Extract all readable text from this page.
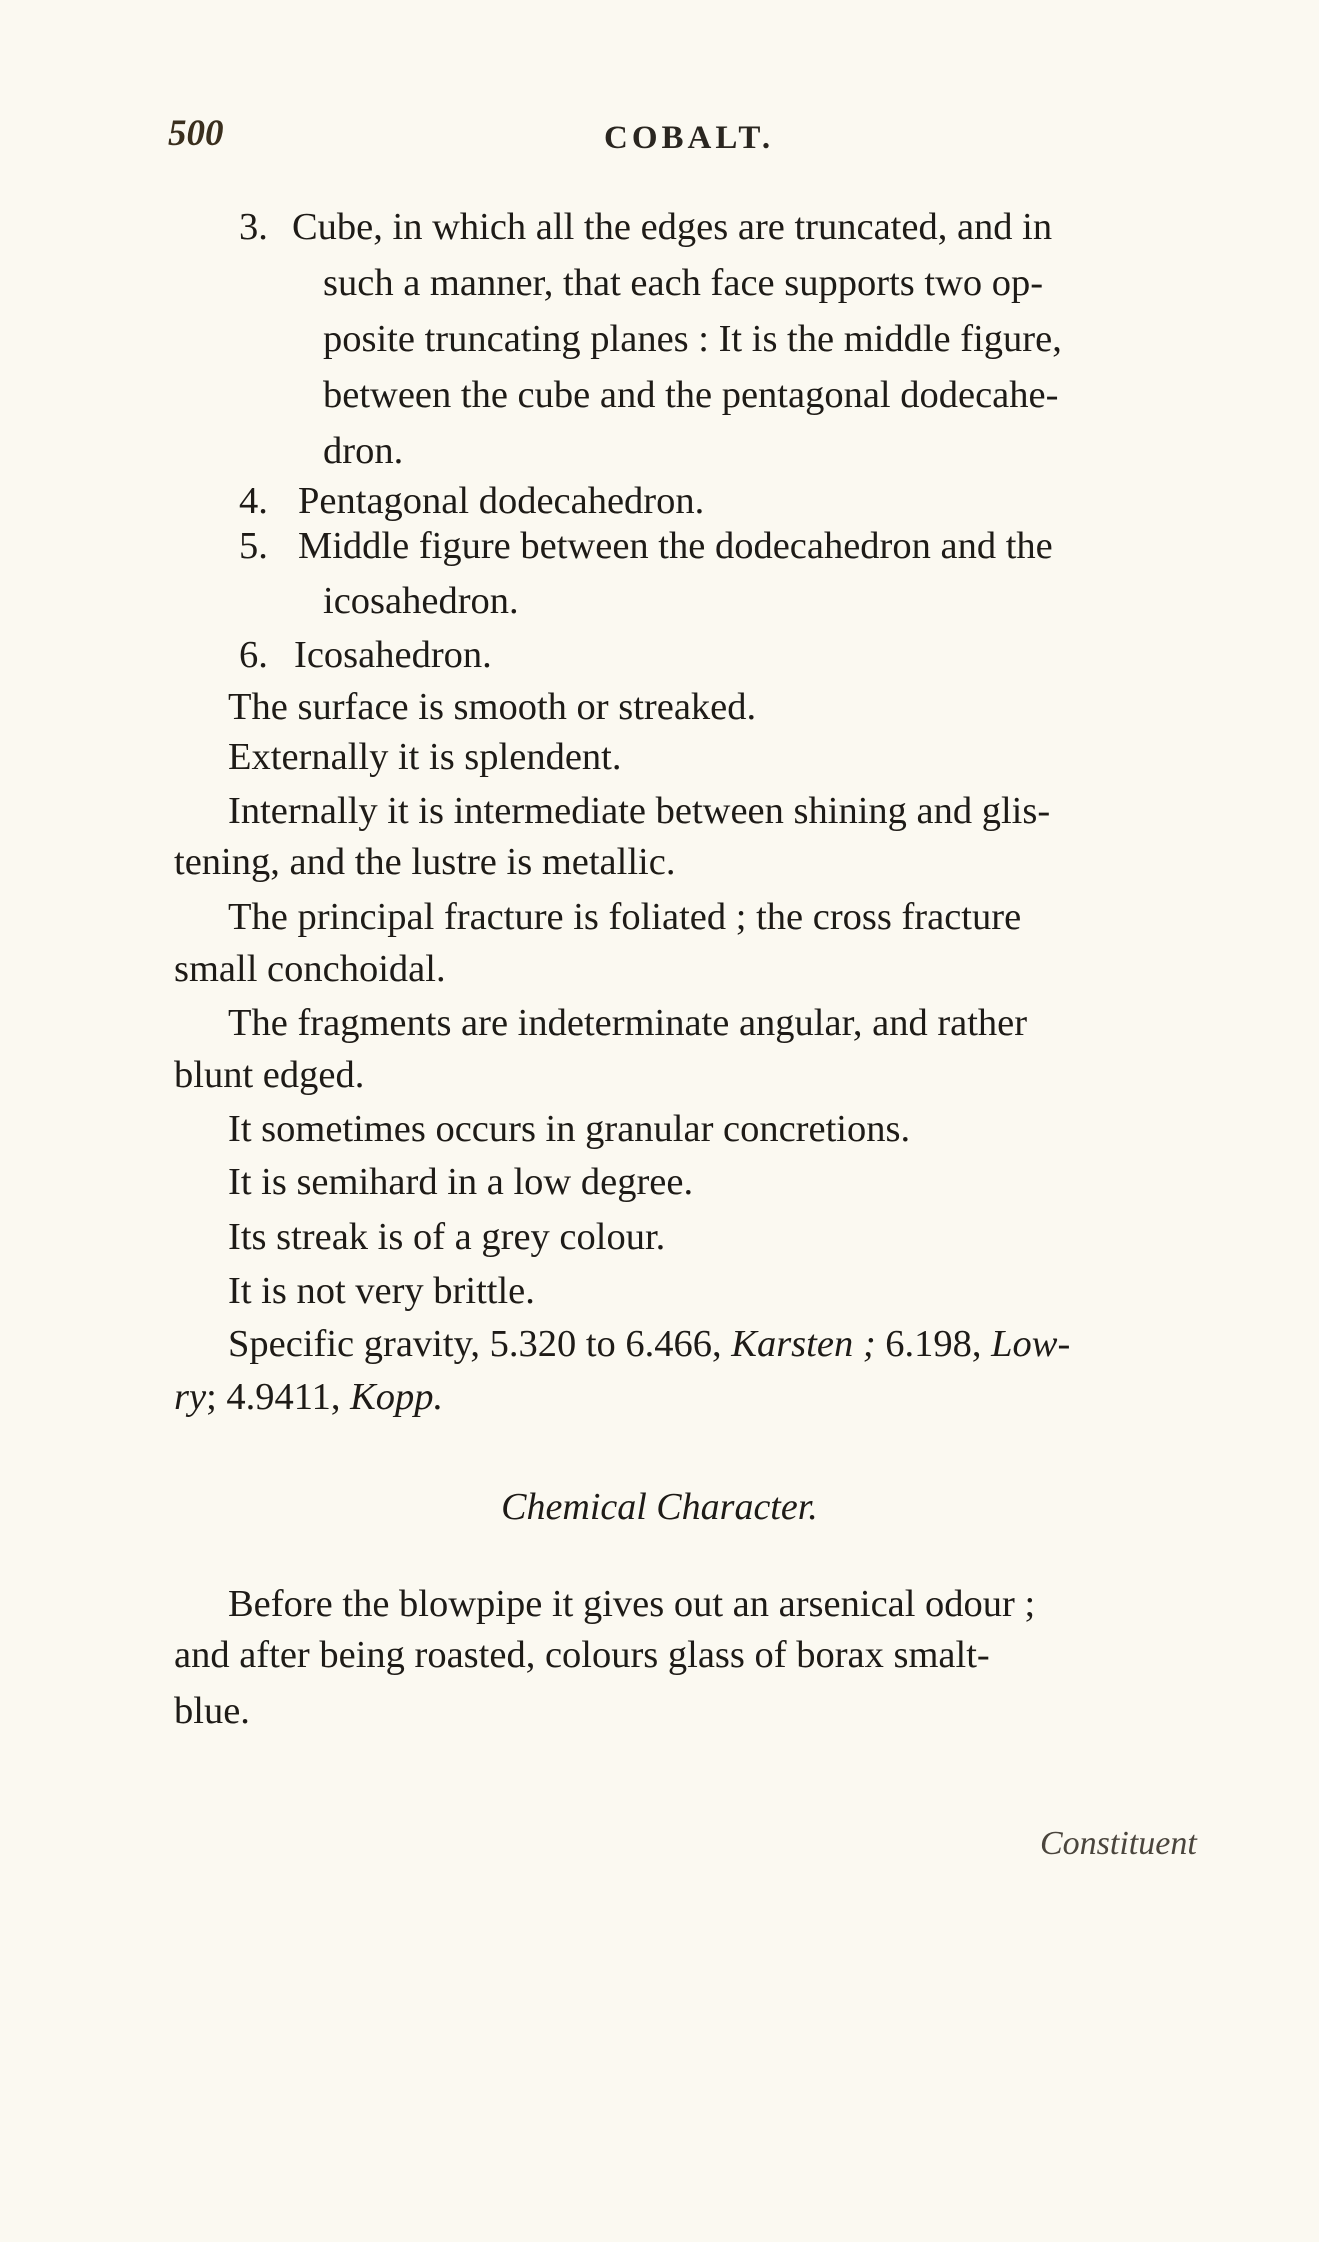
500	COBALT.
3. Cube, in which all the edges are truncated, and in
such a manner, that each face supports two op-
posite truncating planes : It is the middle figure,
between the cube and the pentagonal dodecahe-
dron.
4. Pentagonal dodecahedron.
5. Middle figure between the dodecahedron and the
icosahedron.
6. Icosahedron.
The surface is smooth or streaked.
Externally it is splendent.
Internally it is intermediate between shining and glis-
tening, and the lustre is metallic.
The principal fracture is foliated ; the cross fracture
small conchoidal.
The fragments are indeterminate angular, and rather
blunt edged.
It sometimes occurs in granular concretions.
It is semihard in a low degree.
Its streak is of a grey colour.
It is not very brittle.
Specific gravity, 5.320 to 6.466, Karsten ; 6.198, Low-
ry; 4.9411, Kopp.
Chemical Character.
Before the blowpipe it gives out an arsenical odour ;
and after being roasted, colours glass of borax smalt-
blue.
Constituent
